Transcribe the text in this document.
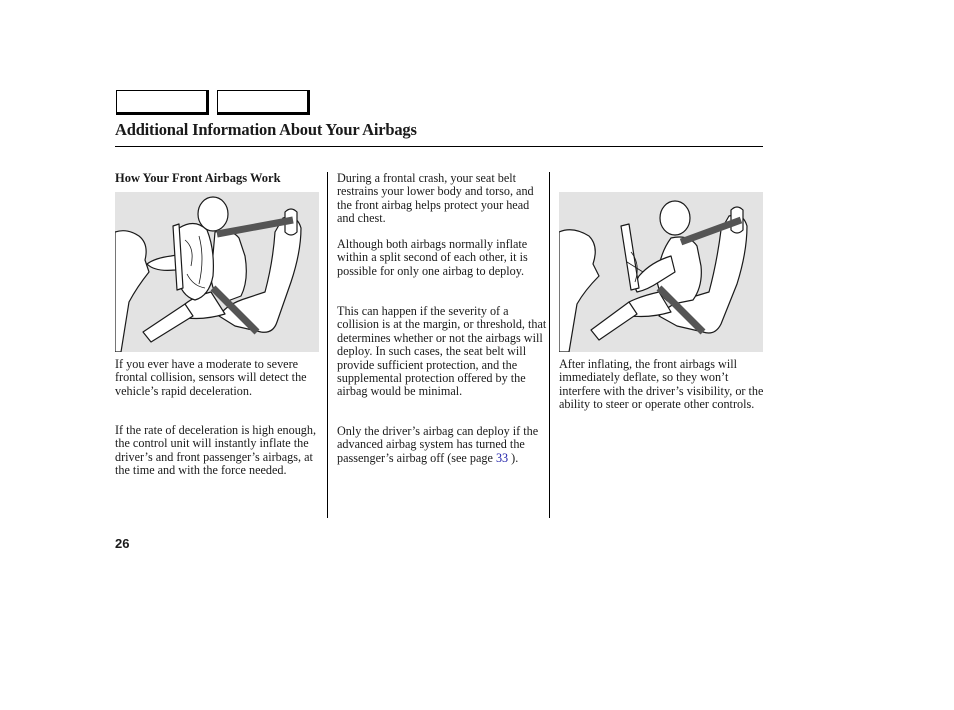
Additional Information About Your Airbags
How Your Front Airbags Work

If you ever have a moderate to severe frontal collision, sensors will detect the vehicle’s rapid deceleration.

If the rate of deceleration is high enough, the control unit will instantly inflate the driver’s and front passenger’s airbags, at the time and with the force needed.

During a frontal crash, your seat belt restrains your lower body and torso, and the front airbag helps protect your head and chest.

Although both airbags normally inflate within a split second of each other, it is possible for only one airbag to deploy.

This can happen if the severity of a collision is at the margin, or threshold, that determines whether or not the airbags will deploy. In such cases, the seat belt will provide sufficient protection, and the supplemental protection offered by the airbag would be minimal.

Only the driver’s airbag can deploy if the advanced airbag system has turned the passenger’s airbag off (see page 33 ).

After inflating, the front airbags will immediately deflate, so they won’t interfere with the driver’s visibility, or the ability to steer or operate other controls.

26
